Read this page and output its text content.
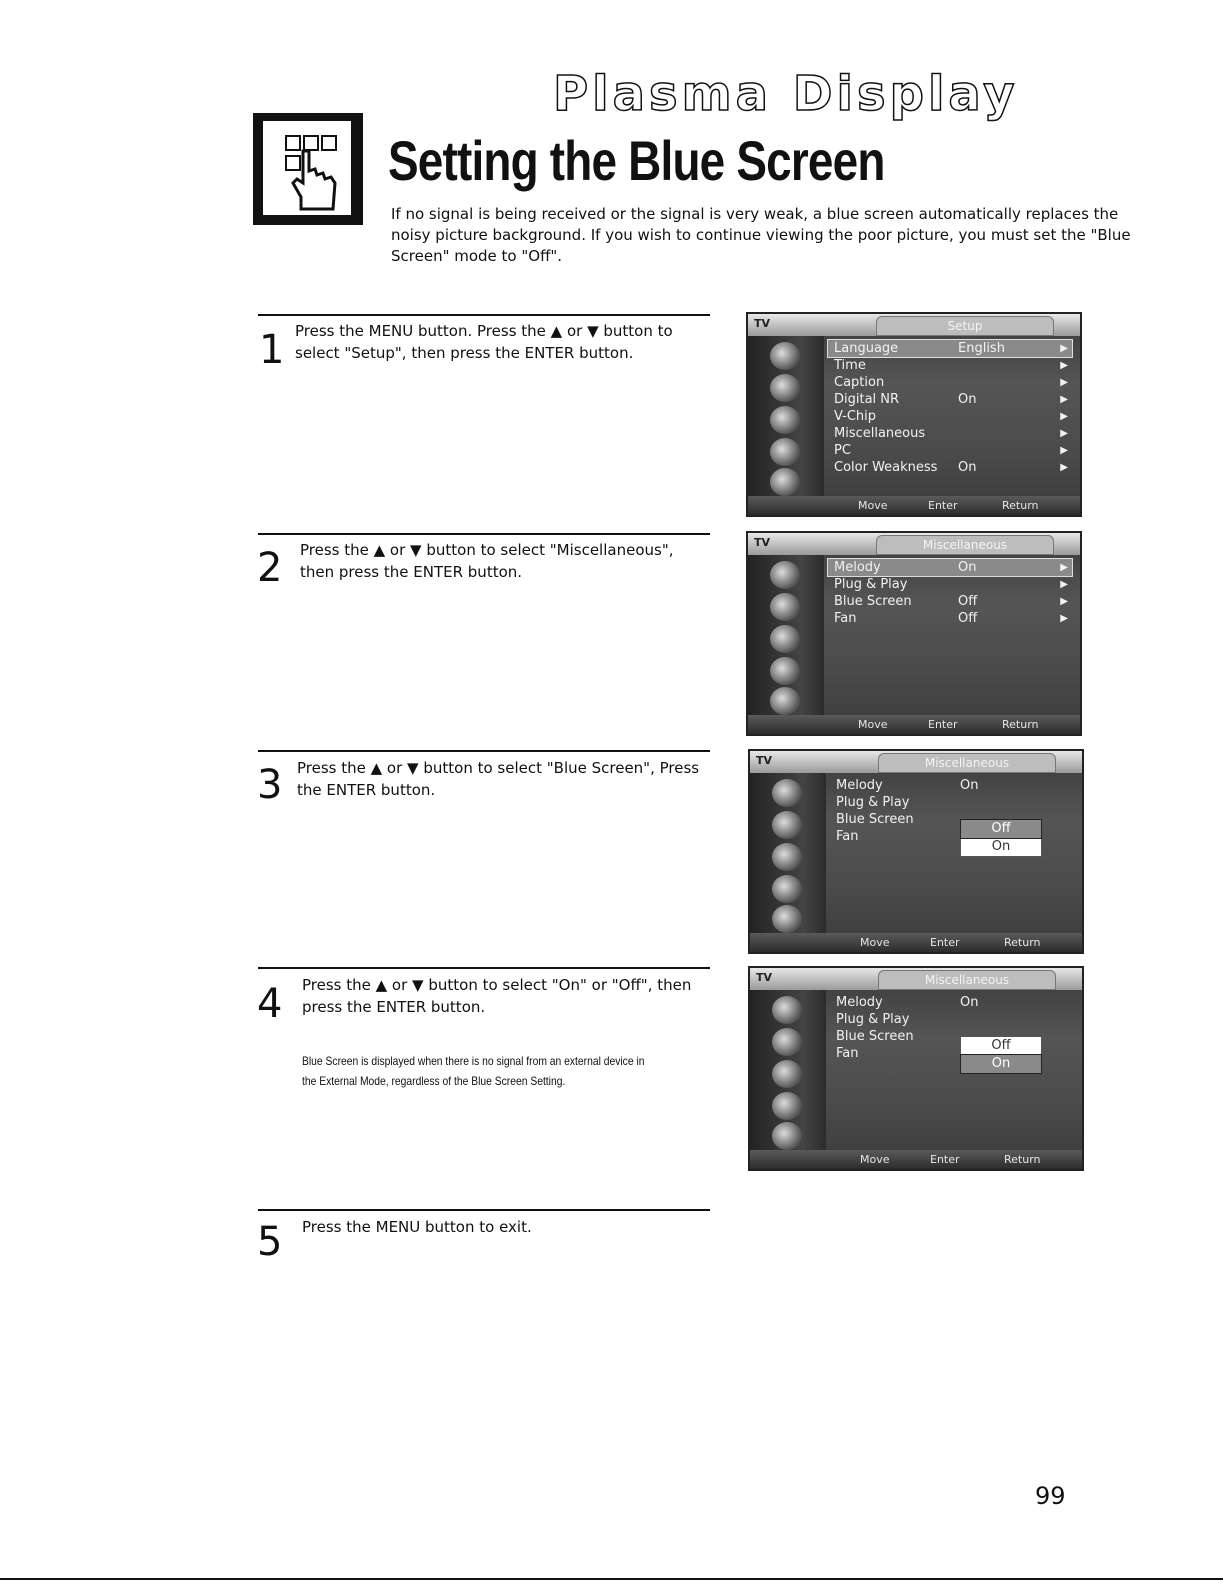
Plasma Display
Setting the Blue Screen
If no signal is being received or the signal is very weak, a blue screen automatically replaces the noisy picture background. If you wish to continue viewing the poor picture, you must set the "Blue Screen" mode to "Off".
1 Press the MENU button. Press the ▲ or ▼ button to select "Setup", then press the ENTER button.
2 Press the ▲ or ▼ button to select "Miscellaneous", then press the ENTER button.
3 Press the ▲ or ▼ button to select "Blue Screen", Press the ENTER button.
4 Press the ▲ or ▼ button to select "On" or "Off", then press the ENTER button.
Blue Screen is displayed when there is no signal from an external device in the External Mode, regardless of the Blue Screen Setting.
5 Press the MENU button to exit.
TV	Setup
Language	English	▶
Time	▶
Caption	▶
Digital NR	On	▶
V-Chip	▶
Miscellaneous	▶
PC	▶
Color Weakness On	▶
Move	Enter	Return
TV	Miscellaneous
Melody	On	▶
Plug & Play	▶
Blue Screen	Off	▶
Fan	Off	▶
Move	Enter	Return
TV	Miscellaneous
Melody	On
Plug & Play
Blue Screen
Fan
Off
On
Move	Enter	Return
TV	Miscellaneous
Melody	On
Plug & Play
Blue Screen
Fan
Off
On
Move	Enter	Return
99
